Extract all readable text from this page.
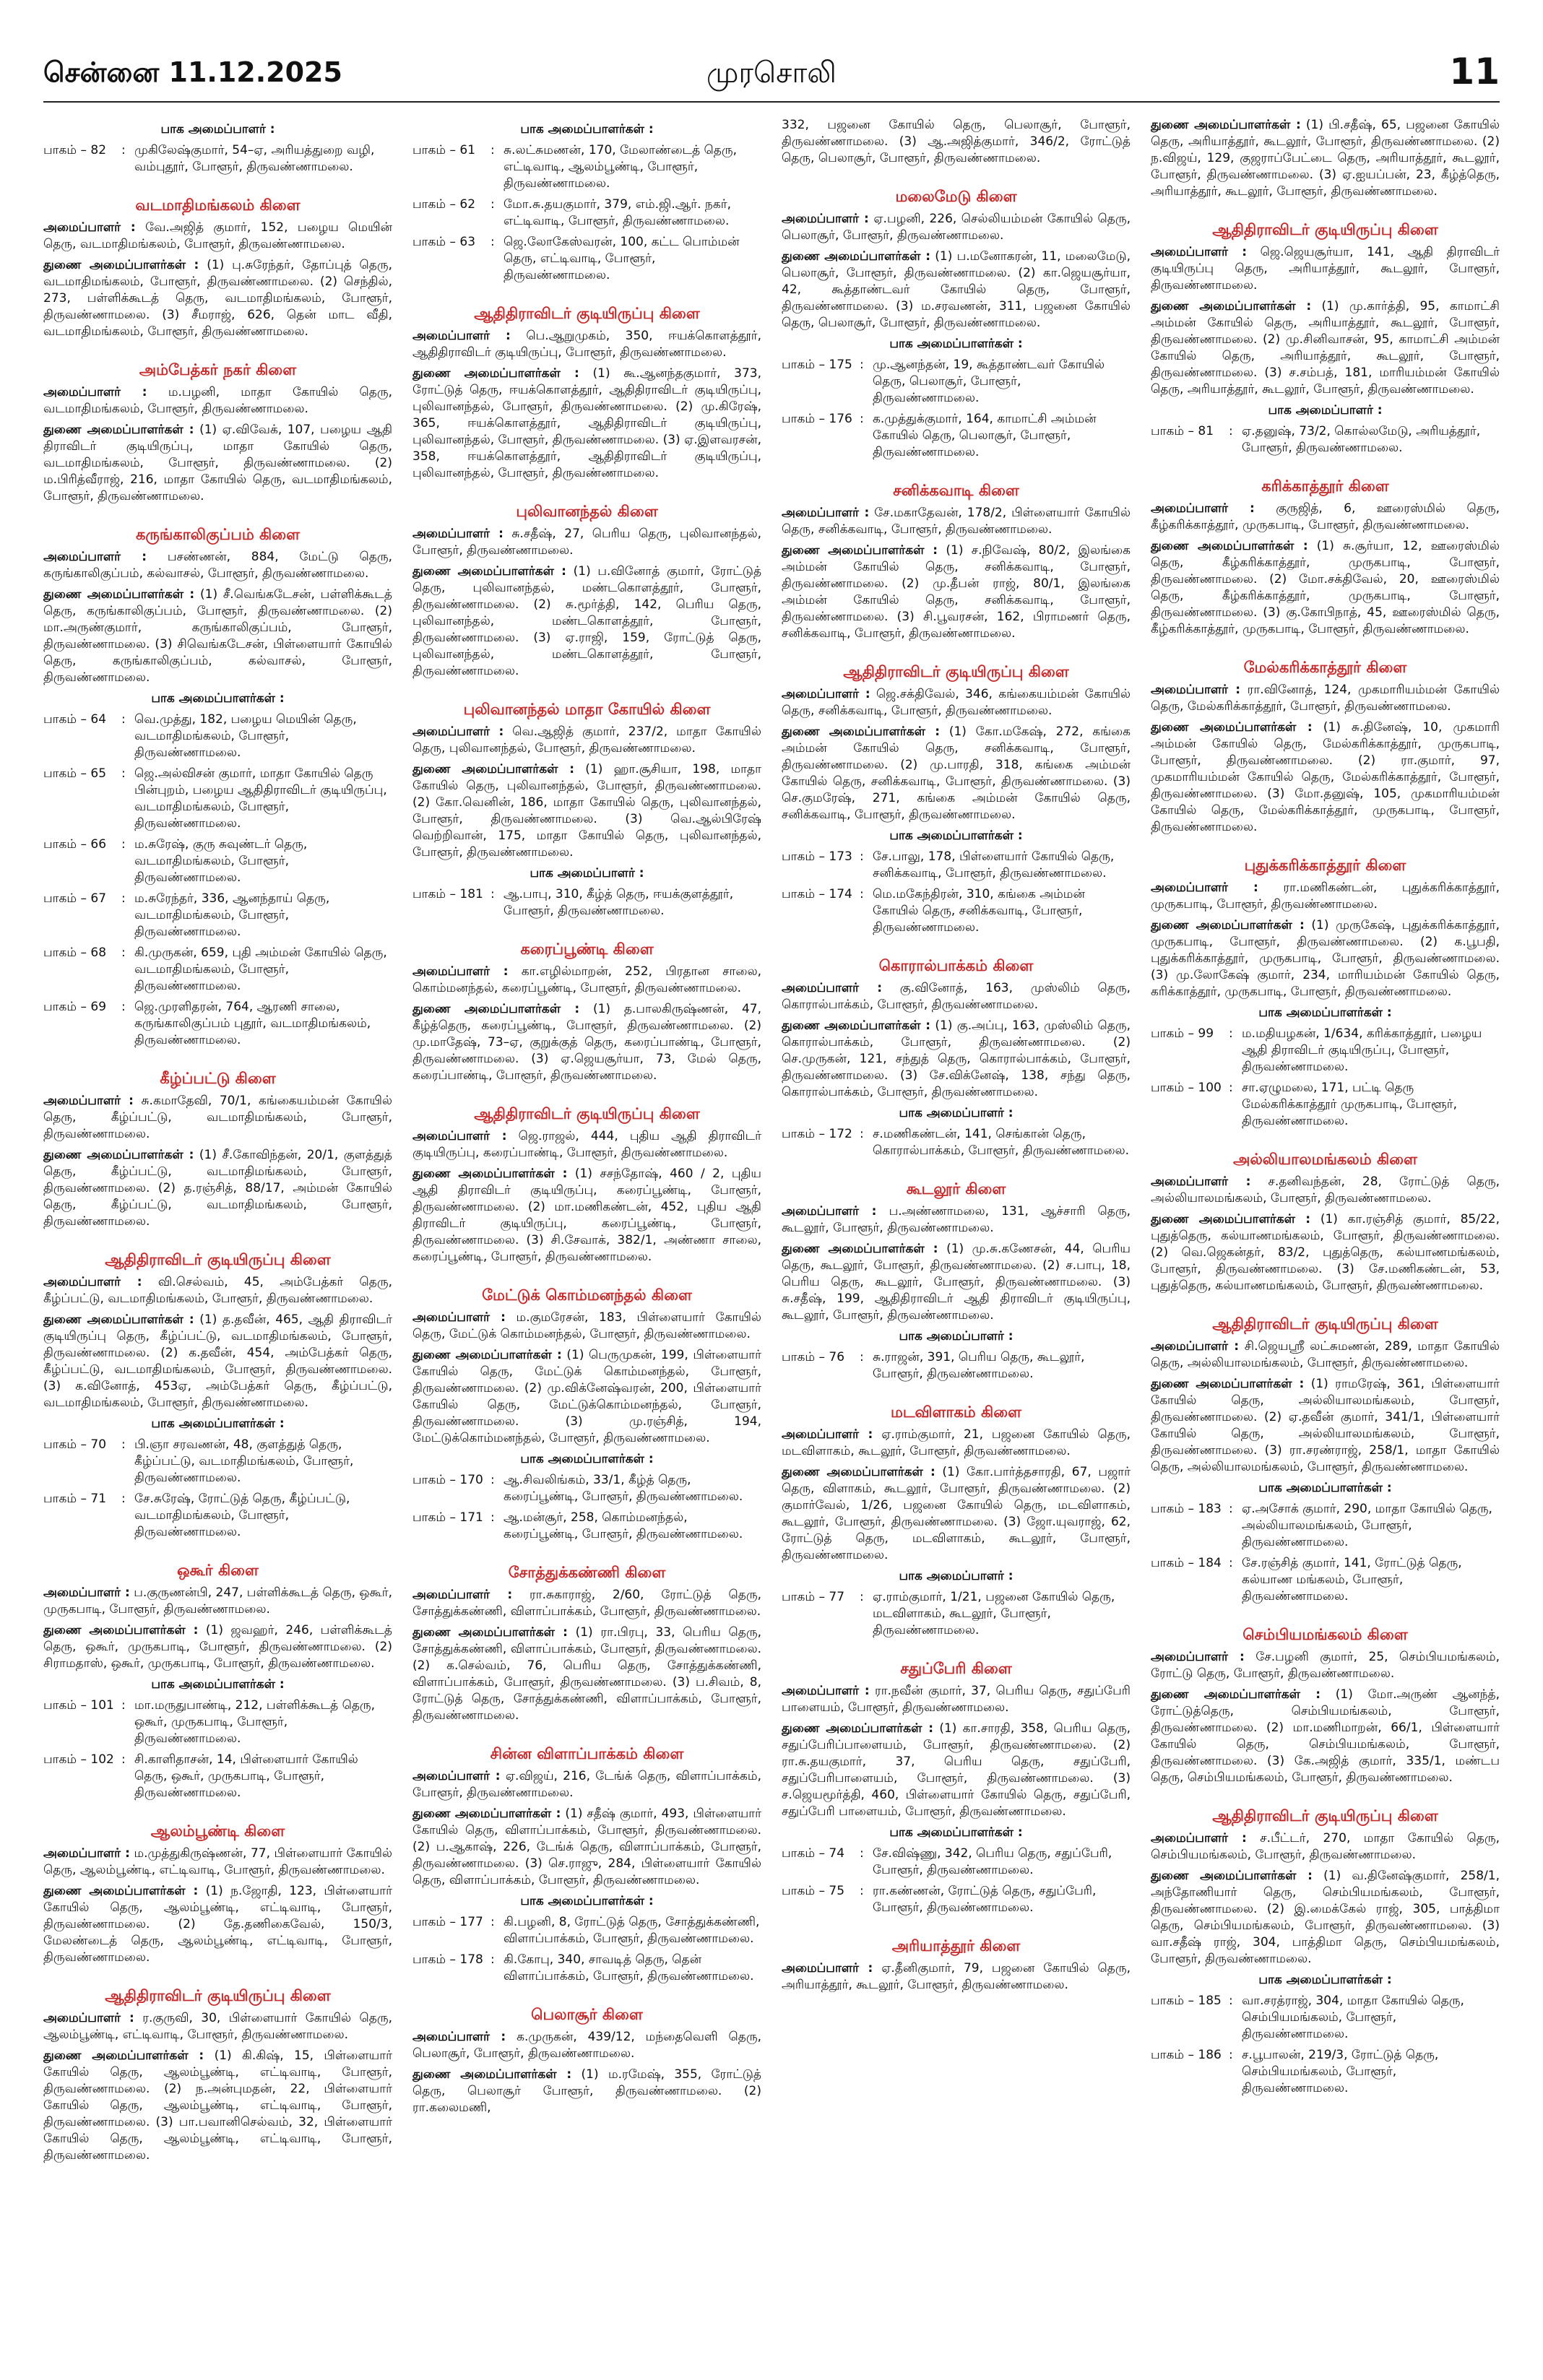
சென்னை 11.12.2025	முரசொலி	11
பாக அமைப்பாளர் :
பாகம் – 82	: முகிலேஷ்குமார், 54–ஏ, அரியத்துறை வழி, வம்புதூர், போளூர், திருவண்ணாமலை.
வடமாதிமங்கலம் கிளை

அமைப்பாளர் : வே.அஜித் குமார், 152, பழைய மெயின் தெரு, வடமாதிமங்கலம், போளூர், திருவண்ணாமலை.

துணை அமைப்பாளர்கள் : (1) பு.சுரேந்தர், தோப்புத் தெரு, வடமாதிமங்கலம், போளூர், திருவண்ணாமலை. (2) செந்தில், 273, பள்ளிக்கூடத் தெரு, வடமாதிமங்கலம், போளூர், திருவண்ணாமலை. (3) சீமராஜ், 626, தென் மாட வீதி, வடமாதிமங்கலம், போளூர், திருவண்ணாமலை.

அம்பேத்கர் நகர் கிளை

அமைப்பாளர் : ம.பழனி, மாதா கோயில் தெரு, வடமாதிமங்கலம், போளூர், திருவண்ணாமலை.

துணை அமைப்பாளர்கள் : (1) ஏ.விவேக், 107, பழைய ஆதி திராவிடர் குடியிருப்பு, மாதா கோயில் தெரு, வடமாதிமங்கலம், போளூர், திருவண்ணாமலை. (2) ம.பிரித்வீராஜ், 216, மாதா கோயில் தெரு, வடமாதிமங்கலம், போளூர், திருவண்ணாமலை.

கருங்காலிகுப்பம் கிளை

அமைப்பாளர் : பசண்ணன், 884, மேட்டு தெரு, கருங்காலிகுப்பம், கல்வாசல், போளூர், திருவண்ணாமலை.

துணை அமைப்பாளர்கள் : (1) சீ.வெங்கடேசன், பள்ளிக்கூடத் தெரு, கருங்காலிகுப்பம், போளூர், திருவண்ணாமலை. (2) மா.அருண்குமார், கருங்காலிகுப்பம், போளூர், திருவண்ணாமலை. (3) சிவெங்கடேசன், பிள்ளையார் கோயில் தெரு, கருங்காலிகுப்பம், கல்வாசல், போளூர், திருவண்ணாமலை.

பாக அமைப்பாளர்கள் :
பாகம் – 64	: வெ.முத்து, 182, பழைய மெயின் தெரு, வடமாதிமங்கலம், போளூர், திருவண்ணாமலை.
பாகம் – 65	: ஜெ.அல்விசன் குமார், மாதா கோயில் தெரு பின்புறம், பழைய ஆதிதிராவிடர் குடியிருப்பு, வடமாதிமங்கலம், போளூர், திருவண்ணாமலை.
பாகம் – 66	: ம.சுரேஷ், குரு சுவுண்டர் தெரு, வடமாதிமங்கலம், போளூர், திருவண்ணாமலை.
பாகம் – 67	: ம.சுரேந்தர், 336, ஆனந்தாய் தெரு, வடமாதிமங்கலம், போளூர், திருவண்ணாமலை.
பாகம் – 68	: கி.முருகன், 659, புதி அம்மன் கோயில் தெரு, வடமாதிமங்கலம், போளூர், திருவண்ணாமலை.
பாகம் – 69	: ஜெ.முரளிதரன், 764, ஆரணி சாலை, கருங்காலிகுப்பம் புதூர், வடமாதிமங்கலம், திருவண்ணாமலை.
கீழ்ப்பட்டு கிளை

அமைப்பாளர் : சு.கமாதேவி, 70/1, கங்கையம்மன் கோயில் தெரு, கீழ்ப்பட்டு, வடமாதிமங்கலம், போளூர், திருவண்ணாமலை.

துணை அமைப்பாளர்கள் : (1) சீ.கோவிந்தன், 20/1, குளத்துத் தெரு, கீழ்ப்பட்டு, வடமாதிமங்கலம், போளூர், திருவண்ணாமலை. (2) த.ரஞ்சித், 88/17, அம்மன் கோயில் தெரு, கீழ்ப்பட்டு, வடமாதிமங்கலம், போளூர், திருவண்ணாமலை.

ஆதிதிராவிடர் குடியிருப்பு கிளை

அமைப்பாளர் : வி.செல்வம், 45, அம்பேத்கர் தெரு, கீழ்ப்பட்டு, வடமாதிமங்கலம், போளூர், திருவண்ணாமலை.

துணை அமைப்பாளர்கள் : (1) த.தவீன், 465, ஆதி திராவிடர் குடியிருப்பு தெரு, கீழ்ப்பட்டு, வடமாதிமங்கலம், போளூர், திருவண்ணாமலை. (2) க.தவீன், 454, அம்பேத்கர் தெரு, கீழ்ப்பட்டு, வடமாதிமங்கலம், போளூர், திருவண்ணாமலை. (3) க.வினோத், 453ஏ, அம்பேத்கர் தெரு, கீழ்ப்பட்டு, வடமாதிமங்கலம், போளூர், திருவண்ணாமலை.

பாக அமைப்பாளர்கள் :
பாகம் – 70	: பி.ஞா சரவணன், 48, குளத்துத் தெரு, கீழ்ப்பட்டு, வடமாதிமங்கலம், போளூர், திருவண்ணாமலை.
பாகம் – 71	: சே.சுரேஷ், ரோட்டுத் தெரு, கீழ்ப்பட்டு, வடமாதிமங்கலம், போளூர், திருவண்ணாமலை.
ஒகூர் கிளை

அமைப்பாளர் : ப.குருணன்பி, 247, பள்ளிக்கூடத் தெரு, ஒகூர், முருகபாடி, போளூர், திருவண்ணாமலை.

துணை அமைப்பாளர்கள் : (1) ஜவஹர், 246, பள்ளிக்கூடத் தெரு, ஒகூர், முருகபாடி, போளூர், திருவண்ணாமலை. (2) சிராமதாஸ், ஒகூர், முருகபாடி, போளூர், திருவண்ணாமலை.

பாக அமைப்பாளர்கள் :
பாகம் – 101 : மா.மருதுபாண்டி, 212, பள்ளிக்கூடத் தெரு, ஒகூர், முருகபாடி, போளூர், திருவண்ணாமலை.
பாகம் – 102 : சி.காளிதாசன், 14, பிள்ளையார் கோயில் தெரு, ஒகூர், முருகபாடி, போளூர், திருவண்ணாமலை.
ஆலம்பூண்டி கிளை

அமைப்பாளர் : ம.முத்துகிருஷ்ணன், 77, பிள்ளையார் கோயில் தெரு, ஆலம்பூண்டி, எட்டிவாடி, போளூர், திருவண்ணாமலை.

துணை அமைப்பாளர்கள் : (1) ந.ஜோதி, 123, பிள்ளையார் கோயில் தெரு, ஆலம்பூண்டி, எட்டிவாடி, போளூர், திருவண்ணாமலை. (2) தே.தணிகைவேல், 150/3, மேலண்டைத் தெரு, ஆலம்பூண்டி, எட்டிவாடி, போளூர், திருவண்ணாமலை.

ஆதிதிராவிடர் குடியிருப்பு கிளை

அமைப்பாளர் : ர.குருவி, 30, பிள்ளையார் கோயில் தெரு, ஆலம்பூண்டி, எட்டிவாடி, போளூர், திருவண்ணாமலை.

துணை அமைப்பாளர்கள் : (1) கி.கிஷ், 15, பிள்ளையார் கோயில் தெரு, ஆலம்பூண்டி, எட்டிவாடி, போளூர், திருவண்ணாமலை. (2) ந.அன்புமதன், 22, பிள்ளையார் கோயில் தெரு, ஆலம்பூண்டி, எட்டிவாடி, போளூர், திருவண்ணாமலை. (3) பா.பவானிசெல்வம், 32, பிள்ளையார் கோயில் தெரு, ஆலம்பூண்டி, எட்டிவாடி, போளூர், திருவண்ணாமலை.

பாக அமைப்பாளர்கள் :
பாகம் – 61	: சு.லட்சுமணன், 170, மேலாண்டைத் தெரு, எட்டிவாடி, ஆலம்பூண்டி, போளூர், திருவண்ணாமலை.
பாகம் – 62	: மோ.சு.தயகுமார், 379, எம்.ஜி.ஆர். நகர், எட்டிவாடி, போளூர், திருவண்ணாமலை.
பாகம் – 63	: ஜெ.லோகேஸ்வரன், 100, கட்ட பொம்மன் தெரு, எட்டிவாடி, போளூர், திருவண்ணாமலை.
ஆதிதிராவிடர் குடியிருப்பு கிளை

அமைப்பாளர் : பெ.ஆறுமுகம், 350, ஈயக்கொளத்தூர், ஆதிதிராவிடர் குடியிருப்பு, போளூர், திருவண்ணாமலை.

துணை அமைப்பாளர்கள் : (1) கூ.ஆனந்தகுமார், 373, ரோட்டுத் தெரு, ஈயக்கொளத்தூர், ஆதிதிராவிடர் குடியிருப்பு, புலிவானந்தல், போளூர், திருவண்ணாமலை. (2) மு.கிரேஷ், 365, ஈயக்கொளத்தூர், ஆதிதிராவிடர் குடியிருப்பு, புலிவானந்தல், போளூர், திருவண்ணாமலை. (3) ஏ.இளவரசன், 358, ஈயக்கொளத்தூர், ஆதிதிராவிடர் குடியிருப்பு, புலிவானந்தல், போளூர், திருவண்ணாமலை.

புலிவானந்தல் கிளை

அமைப்பாளர் : சு.சதீஷ், 27, பெரிய தெரு, புலிவானந்தல், போளூர், திருவண்ணாமலை.

துணை அமைப்பாளர்கள் : (1) ப.வினோத் குமார், ரோட்டுத் தெரு, புலிவானந்தல், மண்டகொளத்தூர், போளூர், திருவண்ணாமலை. (2) சு.மூர்த்தி, 142, பெரிய தெரு, புலிவானந்தல், மண்டகொளத்தூர், போளூர், திருவண்ணாமலை. (3) ஏ.ராஜி, 159, ரோட்டுத் தெரு, புலிவானந்தல், மண்டகொளத்தூர், போளூர், திருவண்ணாமலை.

புலிவானந்தல் மாதா கோயில் கிளை

அமைப்பாளர் : வெ.ஆஜித் குமார், 237/2, மாதா கோயில் தெரு, புலிவானந்தல், போளூர், திருவண்ணாமலை.

துணை அமைப்பாளர்கள் : (1) ஹா.சூசியா, 198, மாதா கோயில் தெரு, புலிவானந்தல், போளூர், திருவண்ணாமலை. (2) கோ.வெனின், 186, மாதா கோயில் தெரு, புலிவானந்தல், போளூர், திருவண்ணாமலை. (3) வெ.ஆல்பிரேஷ் வெற்றிவான், 175, மாதா கோயில் தெரு, புலிவானந்தல், போளூர், திருவண்ணாமலை.

பாக அமைப்பாளர் :
பாகம் – 181 : ஆ.பாபு, 310, கீழ்த் தெரு, ஈயக்குளத்தூர், போளூர், திருவண்ணாமலை.
கரைப்பூண்டி கிளை

அமைப்பாளர் : கா.எழில்மாறன், 252, பிரதான சாலை, கொம்மனந்தல், கரைப்பூண்டி, போளூர், திருவண்ணாமலை.

துணை அமைப்பாளர்கள் : (1) த.பாலகிருஷ்ணன், 47, கீழ்த்தெரு, கரைப்பூண்டி, போளூர், திருவண்ணாமலை. (2) மு.மாதேஷ், 73–ஏ, குறுக்குத் தெரு, கரைப்பாண்டி, போளூர், திருவண்ணாமலை. (3) ஏ.ஜெயசூர்யா, 73, மேல் தெரு, கரைப்பாண்டி, போளூர், திருவண்ணாமலை.

ஆதிதிராவிடர் குடியிருப்பு கிளை

அமைப்பாளர் : ஜெ.ராஜல், 444, புதிய ஆதி திராவிடர் குடியிருப்பு, கரைப்பாண்டி, போளூர், திருவண்ணாமலை.

துணை அமைப்பாளர்கள் : (1) சசந்தோஷ், 460 / 2, புதிய ஆதி திராவிடர் குடியிருப்பு, கரைப்பூண்டி, போளூர், திருவண்ணாமலை. (2) மா.மணிகண்டன், 452, புதிய ஆதி திராவிடர் குடியிருப்பு, கரைப்பூண்டி, போளூர், திருவண்ணாமலை. (3) சி.சேவாக், 382/1, அண்ணா சாலை, கரைப்பூண்டி, போளூர், திருவண்ணாமலை.

மேட்டுக் கொம்மனந்தல் கிளை

அமைப்பாளர் : ம.குமரேசன், 183, பிள்ளையார் கோயில் தெரு, மேட்டுக் கொம்மனந்தல், போளூர், திருவண்ணாமலை.

துணை அமைப்பாளர்கள் : (1) பெருமுகன், 199, பிள்ளையார் கோயில் தெரு, மேட்டுக் கொம்மனந்தல், போளூர், திருவண்ணாமலை. (2) மு.விக்னேஷ்வரன், 200, பிள்ளையார் கோயில் தெரு, மேட்டுக்கொம்மனந்தல், போளூர், திருவண்ணாமலை. (3) மு.ரஞ்சித், 194, மேட்டுக்கொம்மனந்தல், போளூர், திருவண்ணாமலை.

பாக அமைப்பாளர்கள் :
பாகம் – 170 : ஆ.சிவலிங்கம், 33/1, கீழ்த் தெரு, கரைப்பூண்டி, போளூர், திருவண்ணாமலை.
பாகம் – 171 : ஆ.மன்சூர், 258, கொம்மனந்தல், கரைப்பூண்டி, போளூர், திருவண்ணாமலை.
சோத்துக்கண்ணி கிளை

அமைப்பாளர் : ரா.சுகாராஜ், 2/60, ரோட்டுத் தெரு, சோத்துக்கண்ணி, விளாப்பாக்கம், போளூர், திருவண்ணாமலை.

துணை அமைப்பாளர்கள் : (1) ரா.பிரபு, 33, பெரிய தெரு, சோத்துக்கண்ணி, விளாப்பாக்கம், போளூர், திருவண்ணாமலை. (2) க.செல்வம், 76, பெரிய தெரு, சோத்துக்கண்ணி, விளாப்பாக்கம், போளூர், திருவண்ணாமலை. (3) ப.சிவம், 8, ரோட்டுத் தெரு, சோத்துக்கண்ணி, விளாப்பாக்கம், போளூர், திருவண்ணாமலை.

சின்ன விளாப்பாக்கம் கிளை

அமைப்பாளர் : ஏ.விஜய், 216, டேங்க் தெரு, விளாப்பாக்கம், போளூர், திருவண்ணாமலை.

துணை அமைப்பாளர்கள் : (1) சதீஷ் குமார், 493, பிள்ளையார் கோயில் தெரு, விளாப்பாக்கம், போளூர், திருவண்ணாமலை. (2) ப.ஆகாஷ், 226, டேங்க் தெரு, விளாப்பாக்கம், போளூர், திருவண்ணாமலை. (3) செ.ராஜு, 284, பிள்ளையார் கோயில் தெரு, விளாப்பாக்கம், போளூர், திருவண்ணாமலை.

பாக அமைப்பாளர்கள் :
பாகம் – 177 : கி.பழனி, 8, ரோட்டுத் தெரு, சோத்துக்கண்ணி, விளாப்பாக்கம், போளூர், திருவண்ணாமலை.
பாகம் – 178 : கி.கோபு, 340, சாவடித் தெரு, தென் விளாப்பாக்கம், போளூர், திருவண்ணாமலை.
பெலாசூர் கிளை

அமைப்பாளர் : க.முருகன், 439/12, மந்தைவெளி தெரு, பெலாசூர், போளூர், திருவண்ணாமலை.

துணை அமைப்பாளர்கள் : (1) ம.ரமேஷ், 355, ரோட்டுத் தெரு, பெலாசூர் போளூர், திருவண்ணாமலை. (2) ரா.கலைமணி,

332, பஜனை கோயில் தெரு, பெலாசூர், போளூர், திருவண்ணாமலை. (3) ஆ.அஜித்குமார், 346/2, ரோட்டுத் தெரு, பெலாசூர், போளூர், திருவண்ணாமலை.

மலைமேடு கிளை

அமைப்பாளர் : ஏ.பழனி, 226, செல்லியம்மன் கோயில் தெரு, பெலாசூர், போளூர், திருவண்ணாமலை.

துணை அமைப்பாளர்கள் : (1) ப.மனோகரன், 11, மலைமேடு, பெலாசூர், போளூர், திருவண்ணாமலை. (2) கா.ஜெயசூர்யா, 42, கூத்தாண்டவர் கோயில் தெரு, போளூர், திருவண்ணாமலை. (3) ம.சரவணன், 311, பஜனை கோயில் தெரு, பெலாசூர், போளூர், திருவண்ணாமலை.

பாக அமைப்பாளர்கள் :
பாகம் – 175 : மு.ஆனந்தன், 19, கூத்தாண்டவர் கோயில் தெரு, பெலாசூர், போளூர், திருவண்ணாமலை.
பாகம் – 176 : க.முத்துக்குமார், 164, காமாட்சி அம்மன் கோயில் தெரு, பெலாசூர், போளூர், திருவண்ணாமலை.
சனிக்கவாடி கிளை

அமைப்பாளர் : சே.மகாதேவன், 178/2, பிள்ளையார் கோயில் தெரு, சனிக்கவாடி, போளூர், திருவண்ணாமலை.

துணை அமைப்பாளர்கள் : (1) ச.நிவேஷ், 80/2, இலங்கை அம்மன் கோயில் தெரு, சனிக்கவாடி, போளூர், திருவண்ணாமலை. (2) மு.தீபன் ராஜ், 80/1, இலங்கை அம்மன் கோயில் தெரு, சனிக்கவாடி, போளூர், திருவண்ணாமலை. (3) சி.பூவரசன், 162, பிராமணர் தெரு, சனிக்கவாடி, போளூர், திருவண்ணாமலை.

ஆதிதிராவிடர் குடியிருப்பு கிளை

அமைப்பாளர் : ஜெ.சக்திவேல், 346, கங்கையம்மன் கோயில் தெரு, சனிக்கவாடி, போளூர், திருவண்ணாமலை.

துணை அமைப்பாளர்கள் : (1) கோ.மகேஷ், 272, கங்கை அம்மன் கோயில் தெரு, சனிக்கவாடி, போளூர், திருவண்ணாமலை. (2) மு.பாரதி, 318, கங்கை அம்மன் கோயில் தெரு, சனிக்கவாடி, போளூர், திருவண்ணாமலை. (3) செ.குமரேஷ், 271, கங்கை அம்மன் கோயில் தெரு, சனிக்கவாடி, போளூர், திருவண்ணாமலை.

பாக அமைப்பாளர்கள் :
பாகம் – 173 : சே.பாலு, 178, பிள்ளையார் கோயில் தெரு, சனிக்கவாடி, போளூர், திருவண்ணாமலை.
பாகம் – 174 : மெ.மகேந்திரன், 310, கங்கை அம்மன் கோயில் தெரு, சனிக்கவாடி, போளூர், திருவண்ணாமலை.
கொரால்பாக்கம் கிளை

அமைப்பாளர் : கு.வினோத், 163, முஸ்லிம் தெரு, கொரால்பாக்கம், போளூர், திருவண்ணாமலை.

துணை அமைப்பாளர்கள் : (1) கு.அப்பு, 163, முஸ்லிம் தெரு, கொரால்பாக்கம், போளூர், திருவண்ணாமலை. (2) செ.முருகன், 121, சந்துத் தெரு, கொரால்பாக்கம், போளூர், திருவண்ணாமலை. (3) சே.விக்னேஷ், 138, சந்து தெரு, கொரால்பாக்கம், போளூர், திருவண்ணாமலை.

பாக அமைப்பாளர் :
பாகம் – 172 : ச.மணிகண்டன், 141, செங்கான் தெரு, கொரால்பாக்கம், போளூர், திருவண்ணாமலை.
கூடலூர் கிளை

அமைப்பாளர் : ப.அண்ணாமலை, 131, ஆச்சாரி தெரு, கூடலூர், போளூர், திருவண்ணாமலை.

துணை அமைப்பாளர்கள் : (1) மு.சு.கணேசன், 44, பெரிய தெரு, கூடலூர், போளூர், திருவண்ணாமலை. (2) ச.பாபு, 18, பெரிய தெரு, கூடலூர், போளூர், திருவண்ணாமலை. (3) சு.சதீஷ், 199, ஆதிதிராவிடர் ஆதி திராவிடர் குடியிருப்பு, கூடலூர், போளூர், திருவண்ணாமலை.

பாக அமைப்பாளர் :
பாகம் – 76	: சு.ராஜன், 391, பெரிய தெரு, கூடலூர், போளூர், திருவண்ணாமலை.
மடவிளாகம் கிளை

அமைப்பாளர் : ஏ.ராம்குமார், 21, பஜனை கோயில் தெரு, மடவிளாகம், கூடலூர், போளூர், திருவண்ணாமலை.

துணை அமைப்பாளர்கள் : (1) கோ.பார்த்தசாரதி, 67, பஜார் தெரு, விளாகம், கூடலூர், போளூர், திருவண்ணாமலை. (2) குமார்வேல், 1/26, பஜனை கோயில் தெரு, மடவிளாகம், கூடலூர், போளூர், திருவண்ணாமலை. (3) ஜோ.யுவராஜ், 62, ரோட்டுத் தெரு, மடவிளாகம், கூடலூர், போளூர், திருவண்ணாமலை.

பாக அமைப்பாளர் :
பாகம் – 77	: ஏ.ராம்குமார், 1/21, பஜனை கோயில் தெரு, மடவிளாகம், கூடலூர், போளூர், திருவண்ணாமலை.
சதுப்பேரி கிளை

அமைப்பாளர் : ரா.நவீன் குமார், 37, பெரிய தெரு, சதுப்பேரி பாளையம், போளூர், திருவண்ணாமலை.

துணை அமைப்பாளர்கள் : (1) கா.சாரதி, 358, பெரிய தெரு, சதுப்பேரிப்பாளையம், போளூர், திருவண்ணாமலை. (2) ரா.சு.தயகுமார், 37, பெரிய தெரு, சதுப்பேரி, சதுப்பேரிபாளையம், போளூர், திருவண்ணாமலை. (3) ச.ஜெயமூர்த்தி, 460, பிள்ளையார் கோயில் தெரு, சதுப்பேரி, சதுப்பேரி பாளையம், போளூர், திருவண்ணாமலை.

பாக அமைப்பாளர்கள் :
பாகம் – 74	: சே.விஷ்ணு, 342, பெரிய தெரு, சதுப்பேரி, போளூர், திருவண்ணாமலை.
பாகம் – 75	: ரா.கண்ணன், ரோட்டுத் தெரு, சதுப்பேரி, போளூர், திருவண்ணாமலை.
அரியாத்தூர் கிளை

அமைப்பாளர் : ஏ.தீனிகுமார், 79, பஜனை கோயில் தெரு, அரியாத்தூர், கூடலூர், போளூர், திருவண்ணாமலை.

துணை அமைப்பாளர்கள் : (1) பி.சதீஷ், 65, பஜனை கோயில் தெரு, அரியாத்தூர், கூடலூர், போளூர், திருவண்ணாமலை. (2) ந.விஜய், 129, குஜராப்பேட்டை தெரு, அரியாத்தூர், கூடலூர், போளூர், திருவண்ணாமலை. (3) ஏ.ஐயப்பன், 23, கீழ்த்தெரு, அரியாத்தூர், கூடலூர், போளூர், திருவண்ணாமலை.

ஆதிதிராவிடர் குடியிருப்பு கிளை

அமைப்பாளர் : ஜெ.ஜெயசூர்யா, 141, ஆதி திராவிடர் குடியிருப்பு தெரு, அரியாத்தூர், கூடலூர், போளூர், திருவண்ணாமலை.

துணை அமைப்பாளர்கள் : (1) மு.கார்த்தி, 95, காமாட்சி அம்மன் கோயில் தெரு, அரியாத்தூர், கூடலூர், போளூர், திருவண்ணாமலை. (2) மு.சினிவாசன், 95, காமாட்சி அம்மன் கோயில் தெரு, அரியாத்தூர், கூடலூர், போளூர், திருவண்ணாமலை. (3) ச.சம்பத், 181, மாரியம்மன் கோயில் தெரு, அரியாத்தூர், கூடலூர், போளூர், திருவண்ணாமலை.

பாக அமைப்பாளர் :
பாகம் – 81	: ஏ.தனுஷ், 73/2, கொல்லமேடு, அரியத்தூர், போளூர், திருவண்ணாமலை.
கரிக்காத்தூர் கிளை

அமைப்பாளர் : குருஜித், 6, ஊரைஸ்மில் தெரு, கீழ்கரிக்காத்தூர், முருகபாடி, போளூர், திருவண்ணாமலை.

துணை அமைப்பாளர்கள் : (1) சு.சூர்யா, 12, ஊரைஸ்மில் தெரு, கீழ்கரிக்காத்தூர், முருகபாடி, போளூர், திருவண்ணாமலை. (2) மோ.சக்திவேல், 20, ஊரைஸ்மில் தெரு, கீழ்கரிக்காத்தூர், முருகபாடி, போளூர், திருவண்ணாமலை. (3) கு.கோபிநாத், 45, ஊரைஸ்மில் தெரு, கீழ்கரிக்காத்தூர், முருகபாடி, போளூர், திருவண்ணாமலை.

மேல்கரிக்காத்தூர் கிளை

அமைப்பாளர் : ரா.வினோத், 124, முகமாரியம்மன் கோயில் தெரு, மேல்கரிக்காத்தூர், போளூர், திருவண்ணாமலை.

துணை அமைப்பாளர்கள் : (1) சு.தினேஷ், 10, முகமாரி அம்மன் கோயில் தெரு, மேல்கரிக்காத்தூர், முருகபாடி, போளூர், திருவண்ணாமலை. (2) ரா.குமார், 97, முகமாரியம்மன் கோயில் தெரு, மேல்கரிக்காத்தூர், போளூர், திருவண்ணாமலை. (3) மோ.தனுஷ், 105, முகமாரியம்மன் கோயில் தெரு, மேல்கரிக்காத்தூர், முருகபாடி, போளூர், திருவண்ணாமலை.

புதுக்கரிக்காத்தூர் கிளை

அமைப்பாளர் : ரா.மணிகண்டன், புதுக்கரிக்காத்தூர், முருகபாடி, போளூர், திருவண்ணாமலை.

துணை அமைப்பாளர்கள் : (1) முருகேஷ், புதுக்கரிக்காத்தூர், முருகபாடி, போளூர், திருவண்ணாமலை. (2) க.பூபதி, புதுக்கரிக்காத்தூர், முருகபாடி, போளூர், திருவண்ணாமலை. (3) மு.லோகேஷ் குமார், 234, மாரியம்மன் கோயில் தெரு, கரிக்காத்தூர், முருகபாடி, போளூர், திருவண்ணாமலை.

பாக அமைப்பாளர்கள் :
பாகம் – 99	: ம.மதியழகன், 1/634, கரிக்காத்தூர், பழைய ஆதி திராவிடர் குடியிருப்பு, போளூர், திருவண்ணாமலை.
பாகம் – 100 : சா.ஏழுமலை, 171, பட்டி தெரு மேல்கரிக்காத்தூர் முருகபாடி, போளூர், திருவண்ணாமலை.
அல்லியாலமங்கலம் கிளை

அமைப்பாளர் : ச.தனிவந்தன், 28, ரோட்டுத் தெரு, அல்லியாலமங்கலம், போளூர், திருவண்ணாமலை.

துணை அமைப்பாளர்கள் : (1) கா.ரஞ்சித் குமார், 85/22, புதுத்தெரு, கல்யாணமங்கலம், போளூர், திருவண்ணாமலை. (2) வெ.ஜெகன்தர், 83/2, புதுத்தெரு, கல்யாணமங்கலம், போளூர், திருவண்ணாமலை. (3) சே.மணிகண்டன், 53, புதுத்தெரு, கல்யாணமங்கலம், போளூர், திருவண்ணாமலை.

ஆதிதிராவிடர் குடியிருப்பு கிளை

அமைப்பாளர் : சி.ஜெயஸ்ரீ லட்சுமணன், 289, மாதா கோயில் தெரு, அல்லியாலமங்கலம், போளூர், திருவண்ணாமலை.

துணை அமைப்பாளர்கள் : (1) ராமரேஷ், 361, பிள்ளையார் கோயில் தெரு, அல்லியாலமங்கலம், போளூர், திருவண்ணாமலை. (2) ஏ.தவீன் குமார், 341/1, பிள்ளையார் கோயில் தெரு, அல்லியாலமங்கலம், போளூர், திருவண்ணாமலை. (3) ரா.சரண்ராஜ், 258/1, மாதா கோயில் தெரு, அல்லியாலமங்கலம், போளூர், திருவண்ணாமலை.

பாக அமைப்பாளர்கள் :
பாகம் – 183 : ஏ.அசோக் குமார், 290, மாதா கோயில் தெரு, அல்லியாலமங்கலம், போளூர், திருவண்ணாமலை.
பாகம் – 184 : சே.ரஞ்சித் குமார், 141, ரோட்டுத் தெரு, கல்யாண மங்கலம், போளூர், திருவண்ணாமலை.
செம்பியமங்கலம் கிளை

அமைப்பாளர் : சே.பழனி குமார், 25, செம்பியமங்கலம், ரோட்டு தெரு, போளூர், திருவண்ணாமலை.

துணை அமைப்பாளர்கள் : (1) மோ.அருண் ஆனந்த், ரோட்டுத்தெரு, செம்பியமங்கலம், போளூர், திருவண்ணாமலை. (2) மா.மணிமாறன், 66/1, பிள்ளையார் கோயில் தெரு, செம்பியமங்கலம், போளூர், திருவண்ணாமலை. (3) கே.அஜித் குமார், 335/1, மண்டப தெரு, செம்பியமங்கலம், போளூர், திருவண்ணாமலை.

ஆதிதிராவிடர் குடியிருப்பு கிளை

அமைப்பாளர் : ச.பீட்டர், 270, மாதா கோயில் தெரு, செம்பியமங்கலம், போளூர், திருவண்ணாமலை.

துணை அமைப்பாளர்கள் : (1) வ.தினேஷ்குமார், 258/1, அந்தோணியார் தெரு, செம்பியமங்கலம், போளூர், திருவண்ணாமலை. (2) இ.மைக்கேல் ராஜ், 305, பாத்திமா தெரு, செம்பியமங்கலம், போளூர், திருவண்ணாமலை. (3) வா.சதீஷ் ராஜ், 304, பாத்திமா தெரு, செம்பியமங்கலம், போளூர், திருவண்ணாமலை.

பாக அமைப்பாளர்கள் :
பாகம் – 185 : வா.சரத்ராஜ், 304, மாதா கோயில் தெரு, செம்பியமங்கலம், போளூர், திருவண்ணாமலை.
பாகம் – 186 : ச.பூபாலன், 219/3, ரோட்டுத் தெரு, செம்பியமங்கலம், போளூர், திருவண்ணாமலை.
